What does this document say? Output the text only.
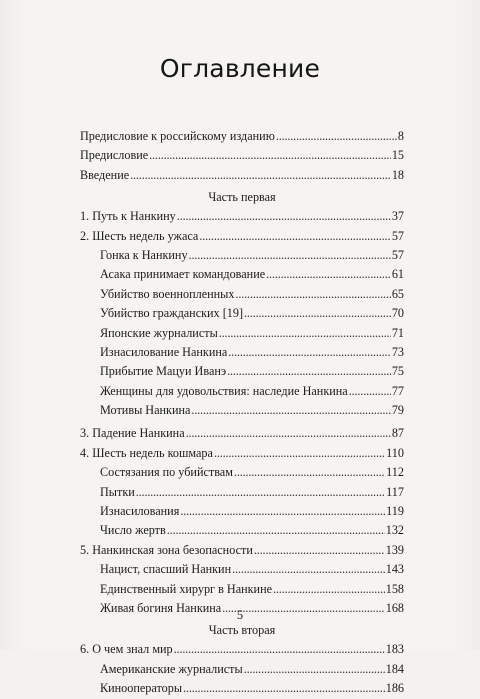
Оглавление
Предисловие к российскому изданию . . .	8
Предисловие . . .	15
Введение . . .	18
Часть первая
1. Путь к Нанкину . . .	37
2. Шесть недель ужаса . . .	57
Гонка к Нанкину . . .	57
Асака принимает командование . . .	61
Убийство военнопленных . . .	65
Убийство гражданских [19] . . .	70
Японские журналисты . . .	71
Изнасилование Нанкина . . .	73
Прибытие Мацуи Иванэ . . .	75
Женщины для удовольствия: наследие Нанкина . . .	77
Мотивы Нанкина . . .	79
3. Падение Нанкина . . .	87
4. Шесть недель кошмара . . .	110
Состязания по убийствам . . .	112
Пытки . . .	117
Изнасилования . . .	119
Число жертв . . .	132
5. Нанкинская зона безопасности . . .	139
Нацист, спасший Нанкин . . .	143
Единственный хирург в Нанкине . . .	158
Живая богиня Нанкина . . .	168
Часть вторая
6. О чем знал мир . . .	183
Американские журналисты . . .	184
Кинооператоры . . .	186
5
